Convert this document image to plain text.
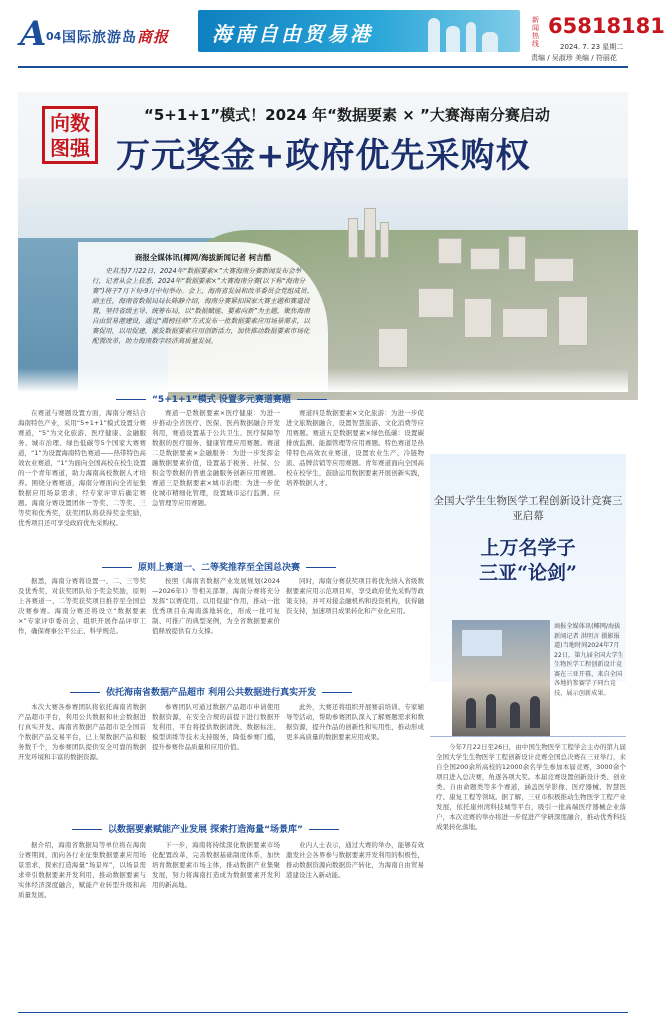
A 04 国际旅游岛商报 海南自由贸易港
新闻热线
65818181
2024. 7. 23 星期二
责编 / 吴淑珍 美编 / 符丽花
向数
图强
“5+1+1”模式！2024 年“数据要素 × ”大赛海南分赛启动
万元奖金+政府优先采购权
商报全媒体讯(椰网/海拔新闻记者 柯吉酷
史君杰)7月22日，2024年“数据要素×”大赛海南分赛新闻发布会举行，记者从会上获悉，2024年“数据要素×”大赛海南分赛(以下称“海南分赛”)将于7月下旬-9月中旬举办。会上，海南省发展和改革委员会党组成员、副主任，海南省数据局局长陈静介绍，海南分赛紧扣国家大赛主题和赛道设置，坚持省级主导、统筹布局，以“数据赋能、要素向新”为主题，聚焦海南自由贸易港建设，通过“揭榜挂帅”方式发布一批数据要素应用场景需求，以赛促用，以用促建，激发数据要素应用创新活力，加快推动数据要素市场化配置改革，助力海南数字经济高质量发展。
“5+1+1”模式 设置多元赛道赛题

在赛道与赛题设置方面，海南分赛结合海南特色产业，采用“5+1+1”模式设置分赛赛道，“5”为文化旅游、医疗健康、金融服务、城市治理、绿色低碳等5个国家大赛赛道，“1”为设置海南特色赛道——热带特色高效农业赛道，“1”为面向全国高校在校生设置的一个青年赛道，助力海南高校数据人才培养。围绕分赛赛道，海南分赛面向全省征集数据应用场景需求，经专家评审后确定赛题。海南分赛设置团体一等奖、二等奖、三等奖和优秀奖，获奖团队将获得奖金奖励，优秀项目还可享受政府优先采购权。

赛道一是数据要素×医疗健康：为进一步推动全省医疗、医保、医药数据融合开发利用，赛道设置基于公共卫生、医疗保障等数据的医疗服务、健康管理应用赛题。赛道二是数据要素×金融服务：为进一步发挥金融数据要素价值，设置基于税务、社保、公积金等数据的普惠金融服务创新应用赛题。赛道三是数据要素×城市治理：为进一步优化城市精细化管理，设置城市运行监测、应急管理等应用赛题。

赛道四是数据要素×文化旅游：为进一步促进文旅数据融合，设置智慧旅游、文化消费等应用赛题。赛道五是数据要素×绿色低碳：设置碳排放监测、能源管理等应用赛题。特色赛道是热带特色高效农业赛道，设置农业生产、冷链物流、品牌营销等应用赛题。青年赛道面向全国高校在校学生，鼓励运用数据要素开展创新实践，培养数据人才。

全国大学生生物医学工程创新设计竞赛三亚启幕
上万名学子
三亚“论剑”
商报全媒体讯(椰网/海拔新闻记者 洪明言 摄影报道)当地时间2024年7月22日，第九届全国大学生生物医学工程创新设计竞赛在三亚开幕，来自全国各地的参赛学子同台竞技，展示创新成果。
原则上赛道一、二等奖推荐至全国总决赛

据悉，海南分赛将设置一、二、三等奖及优秀奖，对获奖团队给予奖金奖励，原则上各赛道一、二等奖获奖项目推荐至全国总决赛参赛。海南分赛还将设立“数据要素×”专家评审委员会，组织开展作品评审工作，确保赛事公平公正、科学规范。

按照《海南省数据产业发展规划(2024—2026年)》等相关部署，海南分赛将充分发挥“以赛促用、以用促建”作用，推动一批优秀项目在海南落地转化，形成一批可复制、可推广的典型案例，为全省数据要素价值释放提供有力支撑。

同时，海南分赛获奖项目将优先纳入省级数据要素应用示范项目库，享受政府优先采购等政策支持，并可对接金融机构和投资机构，获得融资支持，加速项目成果转化和产业化应用。

依托海南省数据产品超市 利用公共数据进行真实开发

本次大赛各参赛团队将依托海南省数据产品超市平台，利用公共数据和社会数据进行真实开发。海南省数据产品超市是全国首个数据产品交易平台，已上架数据产品和服务数千个，为参赛团队提供安全可靠的数据开发环境和丰富的数据资源。

参赛团队可通过数据产品超市申请使用数据资源，在安全合规的前提下进行数据开发利用，平台将提供数据清洗、数据标注、模型训练等技术支持服务，降低参赛门槛，提升参赛作品质量和应用价值。

此外，大赛还将组织开展赛前培训、专家辅导等活动，帮助参赛团队深入了解赛题需求和数据资源，提升作品的创新性和实用性，推动形成更多高质量的数据要素应用成果。

以数据要素赋能产业发展 探索打造海量“场景库”

据介绍，海南省数据局等单位将在海南分赛期间，面向各行业征集数据要素应用场景需求，探索打造海量“场景库”，以场景需求牵引数据要素开发利用，推动数据要素与实体经济深度融合，赋能产业转型升级和高质量发展。

下一步，海南将持续深化数据要素市场化配置改革，完善数据基础制度体系，加快培育数据要素市场主体，推动数据产业集聚发展，努力将海南打造成为数据要素开发利用的新高地。

业内人士表示，通过大赛的举办，能够有效激发社会各界参与数据要素开发利用的积极性，推动数据资源向数据资产转化，为海南自由贸易港建设注入新动能。

今年7月22日至26日，由中国生物医学工程学会主办的第九届全国大学生生物医学工程创新设计竞赛全国总决赛在三亚举行，来自全国200余所高校的12000余名学生参加本届竞赛，3000余个项目进入总决赛，角逐各项大奖。本届竞赛设置创新设计类、创业类、自由命题类等多个赛道，涵盖医学影像、医疗器械、智慧医疗、康复工程等领域。据了解，三亚市积极推动生物医学工程产业发展，依托崖州湾科技城等平台，吸引一批高端医疗器械企业落户，本次竞赛的举办将进一步促进产学研深度融合，推动优秀科技成果转化落地。
